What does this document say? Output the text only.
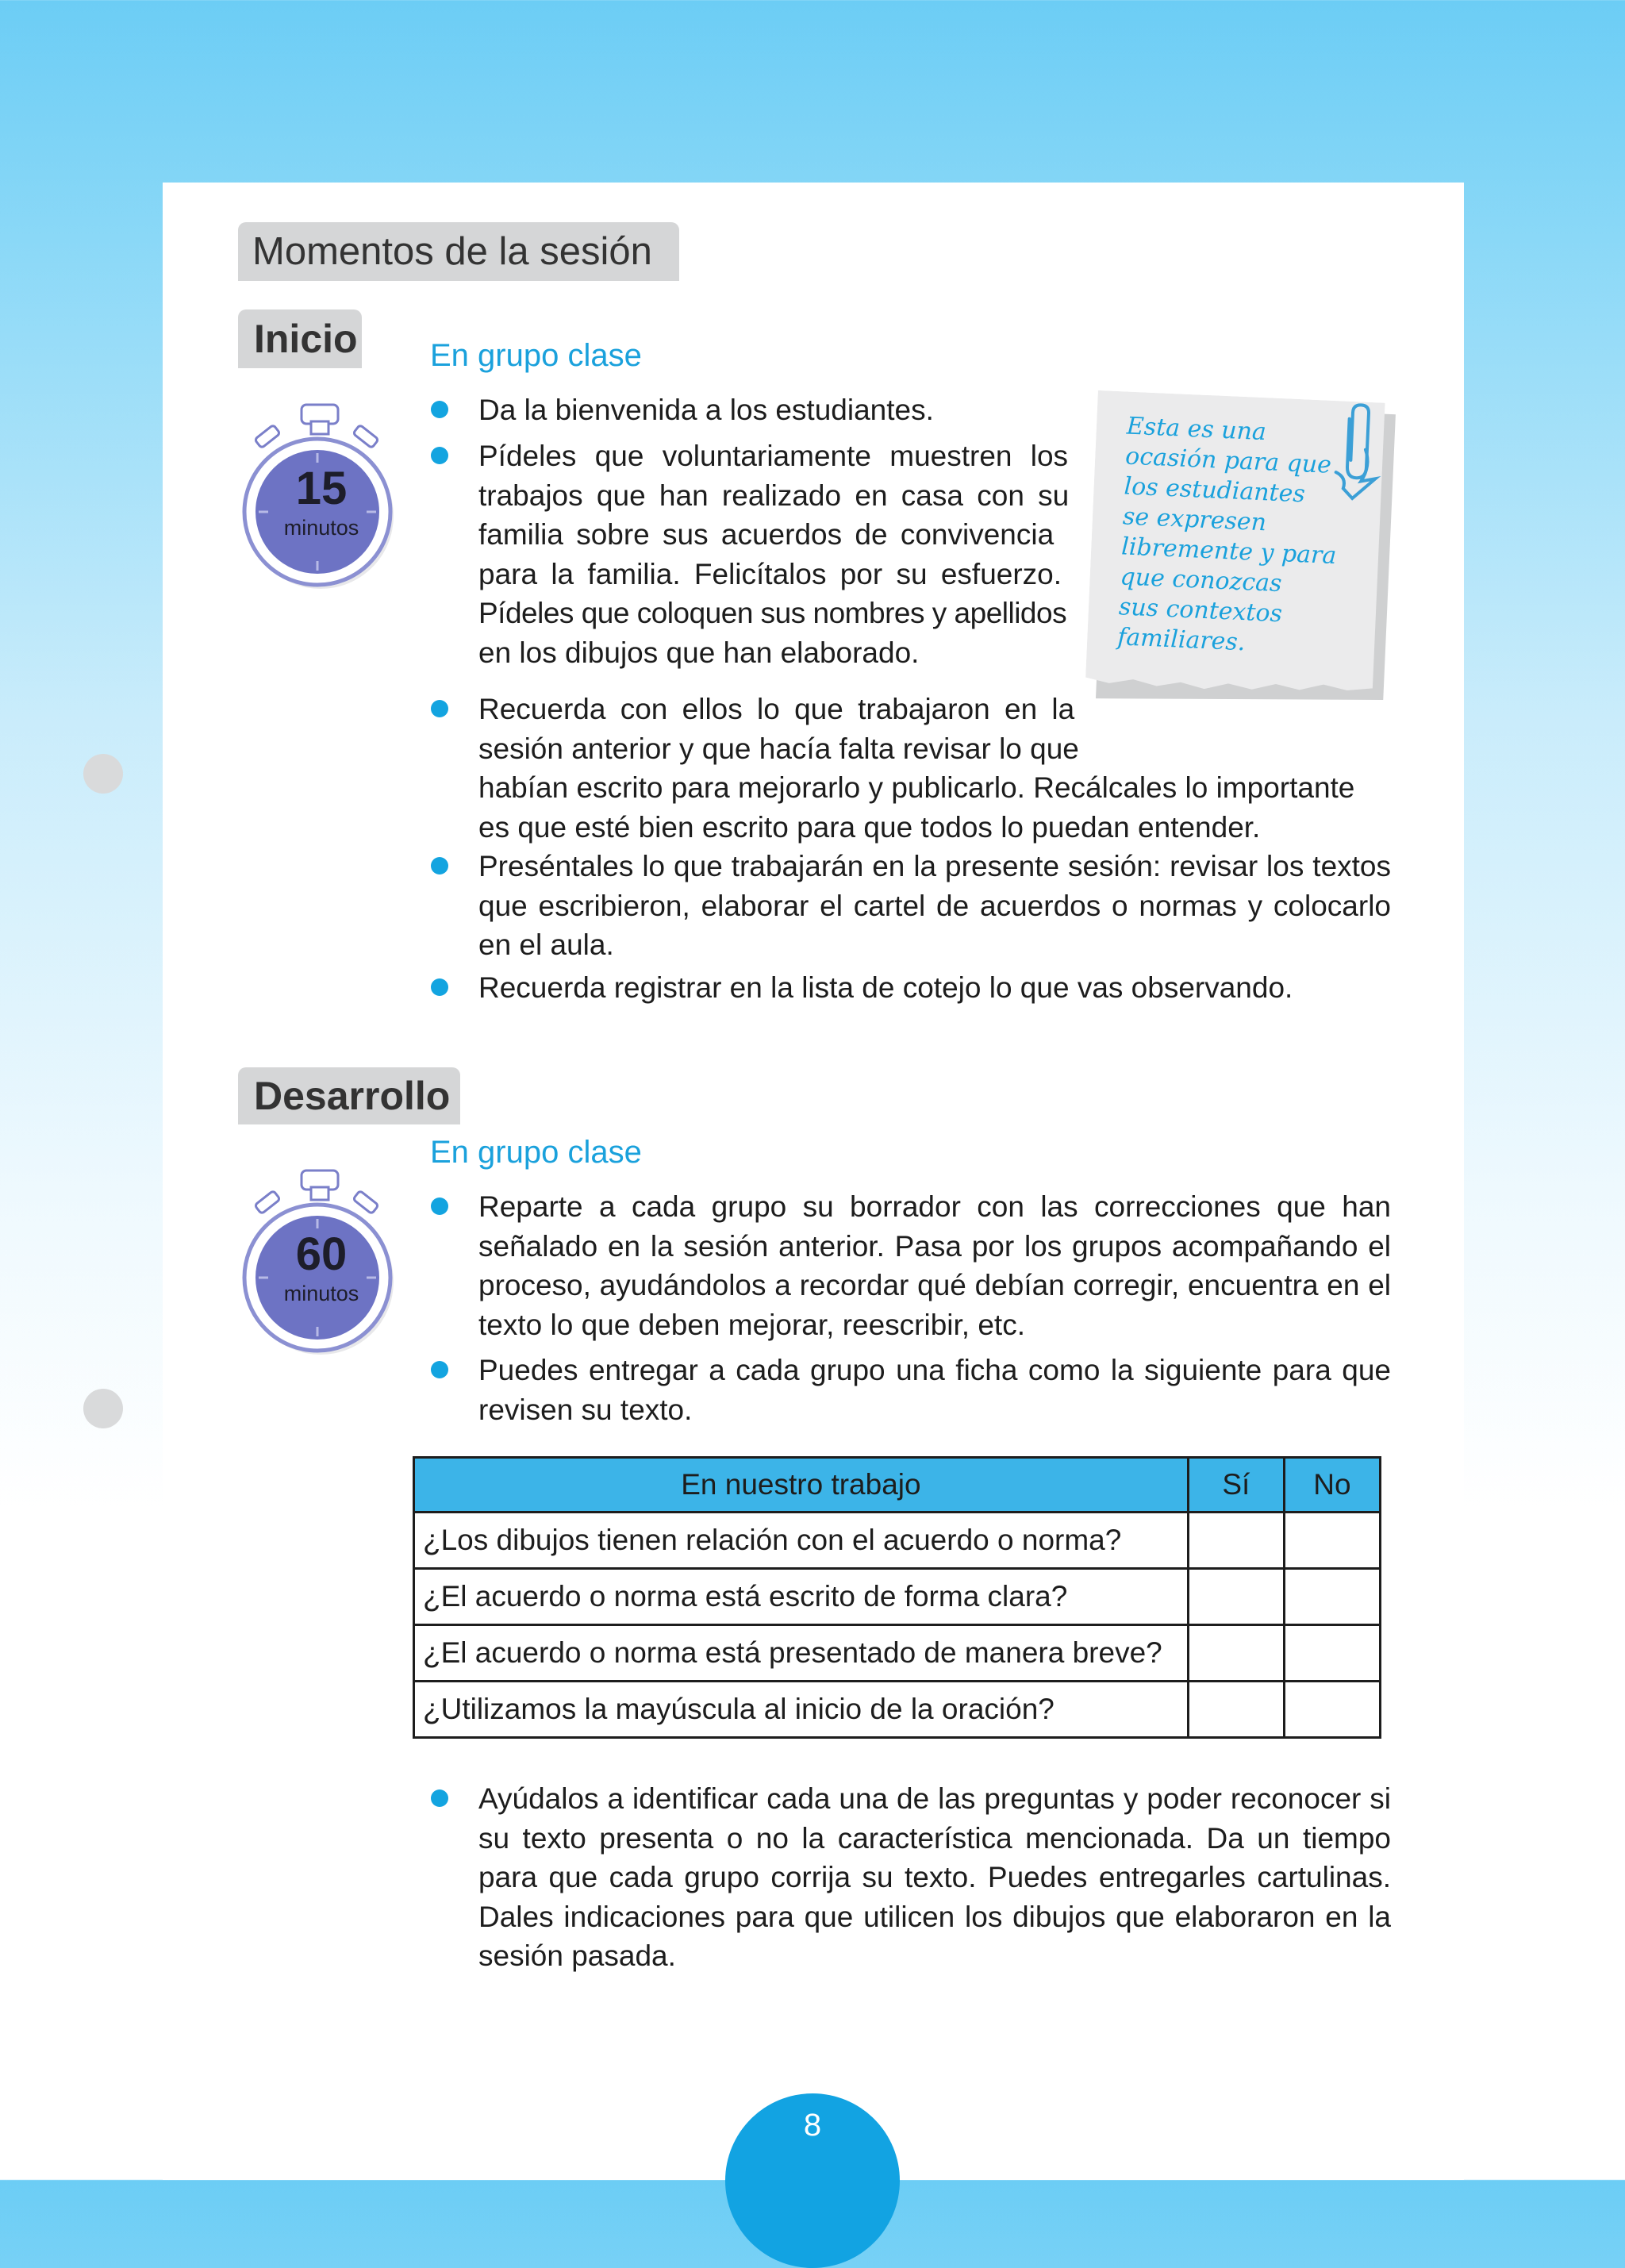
Momentos de la sesión
Inicio
15
minutos
En grupo clase
Da la bienvenida a los estudiantes.
Pídeles que voluntariamente muestren los
trabajos que han realizado en casa con su
familia sobre sus acuerdos de convivencia
para la familia. Felicítalos por su esfuerzo.
Pídeles que coloquen sus nombres y apellidos
en los dibujos que han elaborado.
Recuerda con ellos lo que trabajaron en la
sesión anterior y que hacía falta revisar lo que
habían escrito para mejorarlo y publicarlo. Recálcales lo importante
es que esté bien escrito para que todos lo puedan entender.
Preséntales lo que trabajarán en la presente sesión: revisar los textos que escribieron, elaborar el cartel de acuerdos o normas y colocarlo en el aula.
Recuerda registrar en la lista de cotejo lo que vas observando.
Esta es una
ocasión para que
los estudiantes
se expresen
libremente y para
que conozcas
sus contextos
familiares.
Desarrollo
60
minutos
En grupo clase
Reparte a cada grupo su borrador con las correcciones que han señalado en la sesión anterior. Pasa por los grupos acompañando el proceso, ayudándolos a recordar qué debían corregir, encuentra en el texto lo que deben mejorar, reescribir, etc.
Puedes entregar a cada grupo una ficha como la siguiente para que revisen su texto.
En nuestro trabajo	Sí	No
¿Los dibujos tienen relación con el acuerdo o norma?		
¿El acuerdo o norma está escrito de forma clara?		
¿El acuerdo o norma está presentado de manera breve?		
¿Utilizamos la mayúscula al inicio de la oración?		
Ayúdalos a identificar cada una de las preguntas y poder reconocer si su texto presenta o no la característica mencionada. Da un tiempo para que cada grupo corrija su texto. Puedes entregarles cartulinas. Dales indicaciones para que utilicen los dibujos que elaboraron en la sesión pasada.
8
